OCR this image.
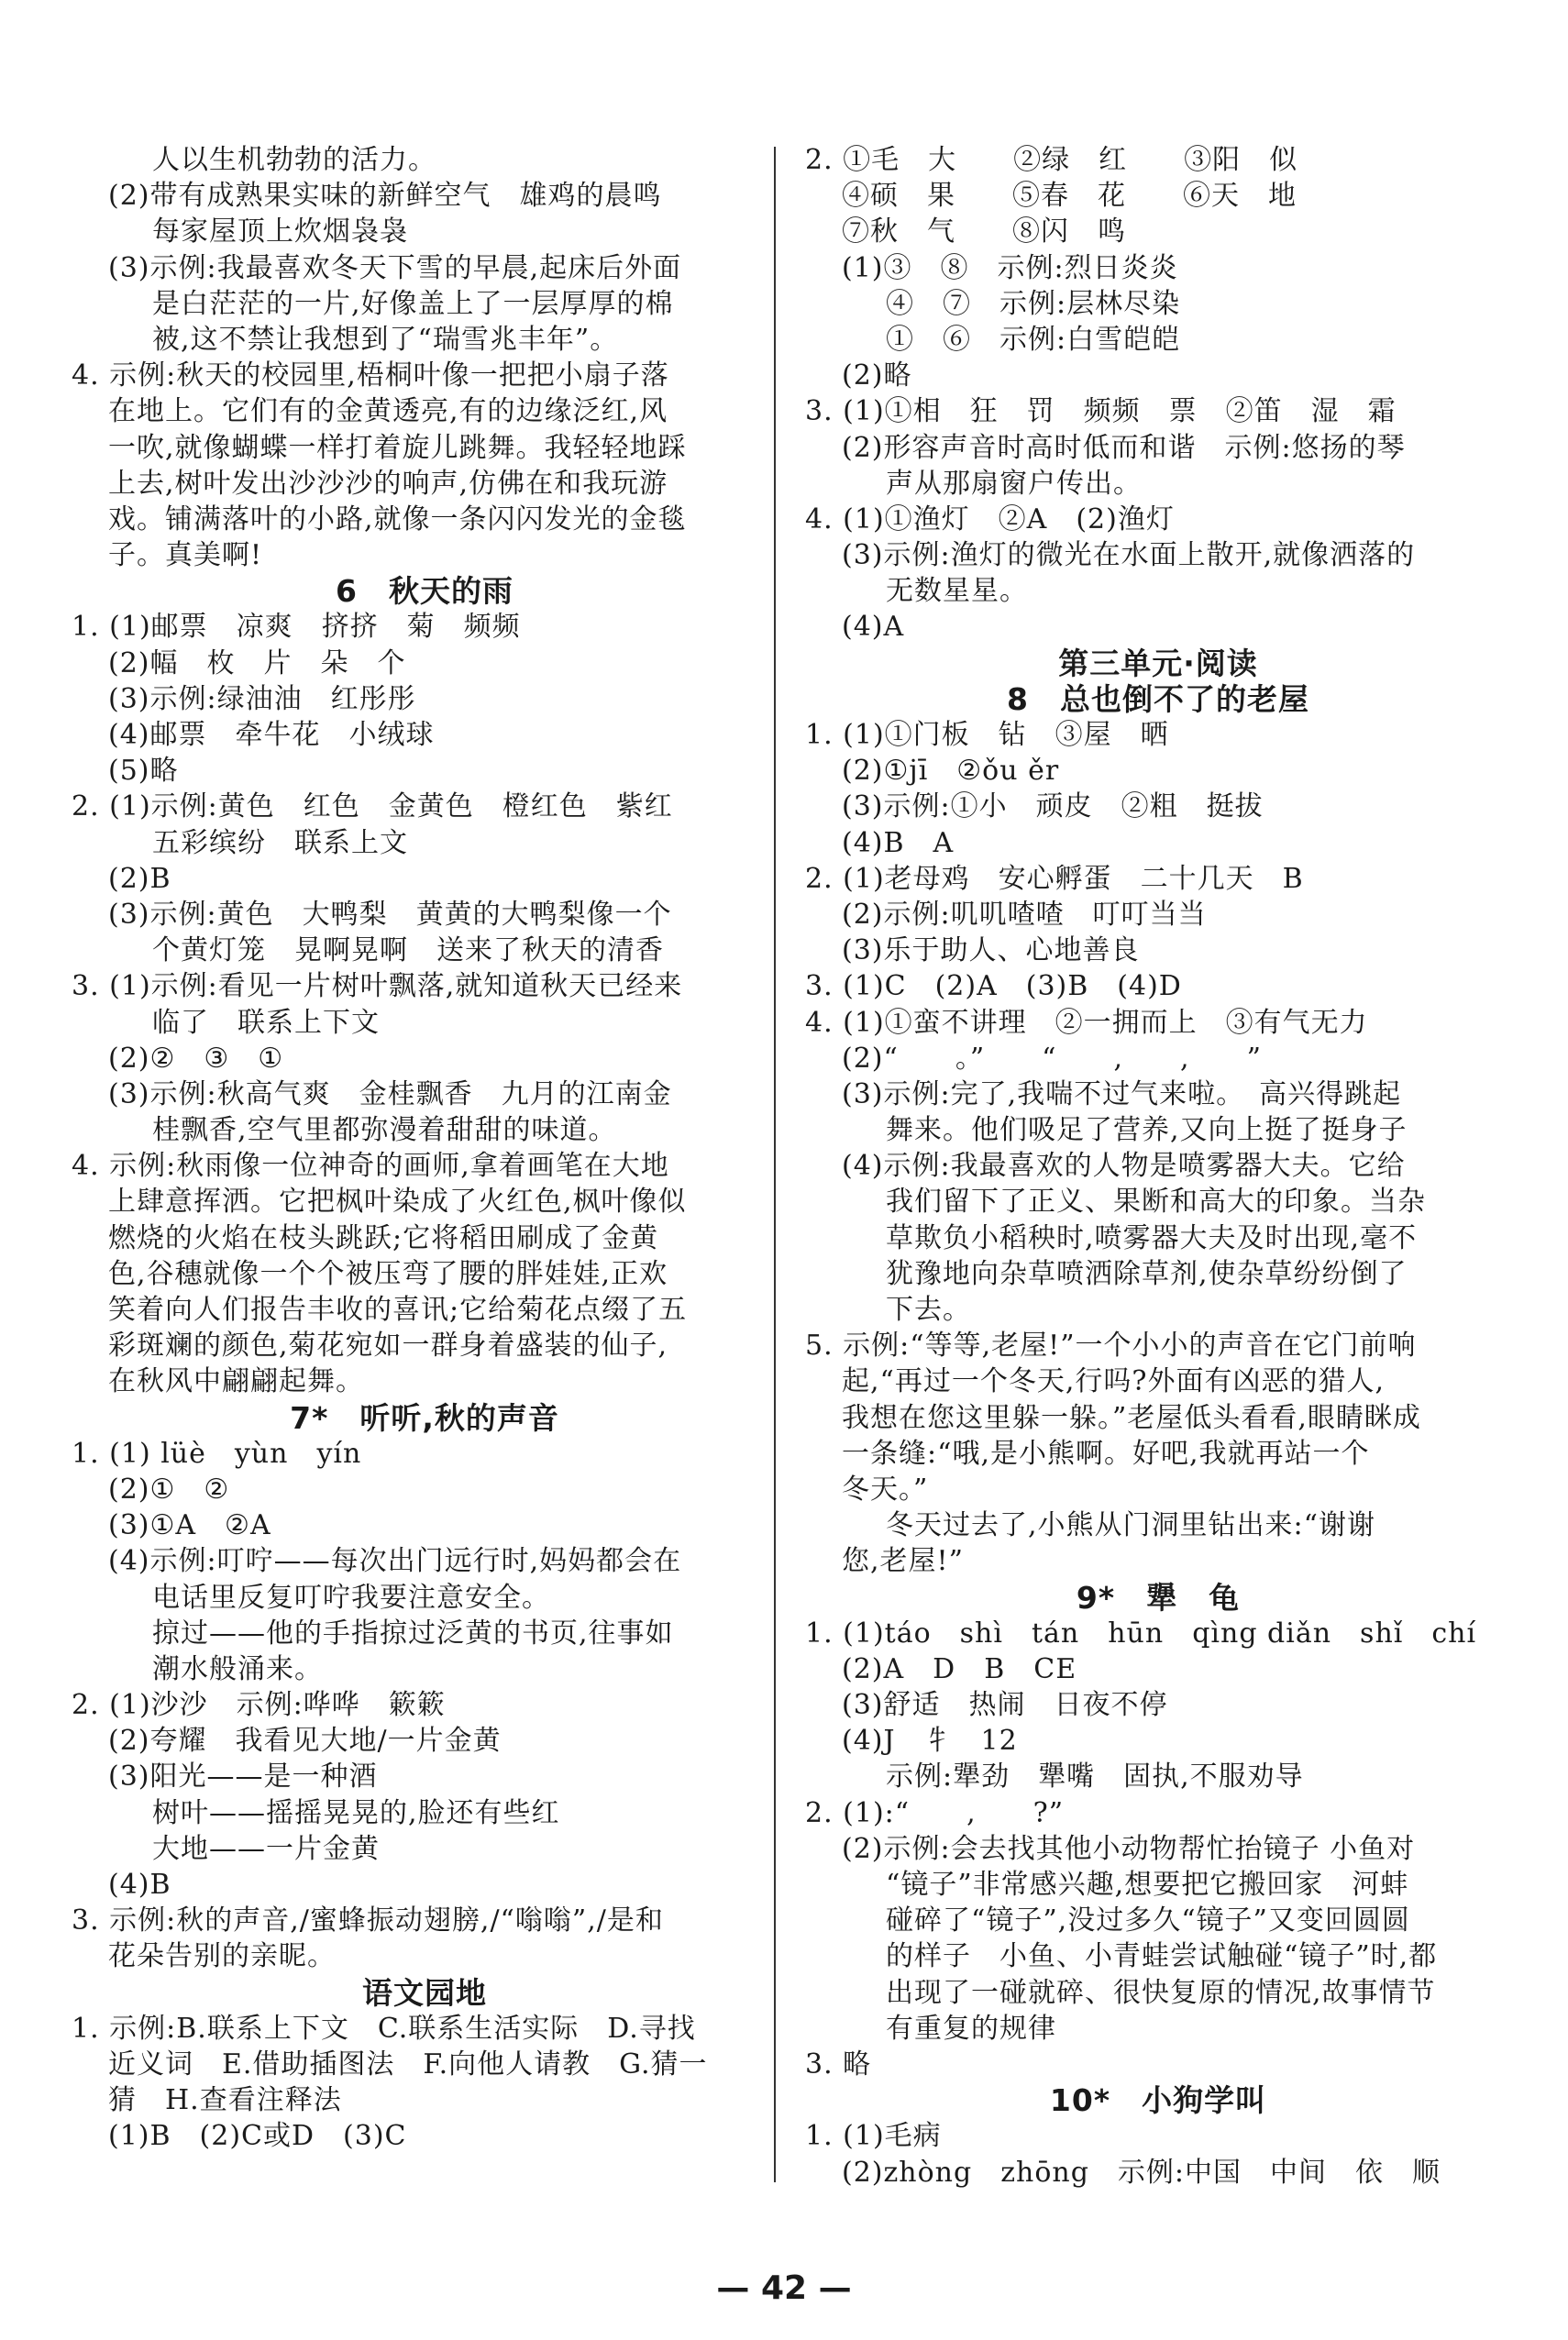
人以生机勃勃的活力。
(2)带有成熟果实味的新鲜空气　雄鸡的晨鸣
每家屋顶上炊烟袅袅
(3)示例:我最喜欢冬天下雪的早晨,起床后外面
是白茫茫的一片,好像盖上了一层厚厚的棉
被,这不禁让我想到了“瑞雪兆丰年”。
4. 示例:秋天的校园里,梧桐叶像一把把小扇子落
在地上。它们有的金黄透亮,有的边缘泛红,风
一吹,就像蝴蝶一样打着旋儿跳舞。我轻轻地踩
上去,树叶发出沙沙沙的响声,仿佛在和我玩游
戏。铺满落叶的小路,就像一条闪闪发光的金毯
子。真美啊!
6　秋天的雨
1. (1)邮票　凉爽　挤挤　菊　频频
(2)幅　枚　片　朵　个
(3)示例:绿油油　红彤彤
(4)邮票　牵牛花　小绒球
(5)略
2. (1)示例:黄色　红色　金黄色　橙红色　紫红
五彩缤纷　联系上文
(2)B
(3)示例:黄色　大鸭梨　黄黄的大鸭梨像一个
个黄灯笼　晃啊晃啊　送来了秋天的清香
3. (1)示例:看见一片树叶飘落,就知道秋天已经来
临了　联系上下文
(2)②　③　①
(3)示例:秋高气爽　金桂飘香　九月的江南金
桂飘香,空气里都弥漫着甜甜的味道。
4. 示例:秋雨像一位神奇的画师,拿着画笔在大地
上肆意挥洒。它把枫叶染成了火红色,枫叶像似
燃烧的火焰在枝头跳跃;它将稻田刷成了金黄
色,谷穗就像一个个被压弯了腰的胖娃娃,正欢
笑着向人们报告丰收的喜讯;它给菊花点缀了五
彩斑斓的颜色,菊花宛如一群身着盛装的仙子,
在秋风中翩翩起舞。
7*　听听,秋的声音
1. (1) lüè　yùn　yín
(2)①　②
(3)①A　②A
(4)示例:叮咛——每次出门远行时,妈妈都会在
电话里反复叮咛我要注意安全。
掠过——他的手指掠过泛黄的书页,往事如
潮水般涌来。
2. (1)沙沙　示例:哗哗　簌簌
(2)夸耀　我看见大地/一片金黄
(3)阳光——是一种酒
树叶——摇摇晃晃的,脸还有些红
大地——一片金黄
(4)B
3. 示例:秋的声音,/蜜蜂振动翅膀,/“嗡嗡”,/是和
花朵告别的亲昵。
语文园地
1. 示例:B.联系上下文　C.联系生活实际　D.寻找
近义词　E.借助插图法　F.向他人请教　G.猜一
猜　H.查看注释法
(1)B　(2)C或D　(3)C
2. ①毛　大　　②绿　红　　③阳　似
④硕　果　　⑤春　花　　⑥天　地
⑦秋　气　　⑧闪　鸣
(1)③　⑧　示例:烈日炎炎
④　⑦　示例:层林尽染
①　⑥　示例:白雪皑皑
(2)略
3. (1)①相　狂　罚　频频　票　②笛　湿　霜
(2)形容声音时高时低而和谐　示例:悠扬的琴
声从那扇窗户传出。
4. (1)①渔灯　②A　(2)渔灯
(3)示例:渔灯的微光在水面上散开,就像洒落的
无数星星。
(4)A
第三单元·阅读
8　总也倒不了的老屋
1. (1)①门板　钻　③屋　晒
(2)①jī　②ǒu ěr
(3)示例:①小　顽皮　②粗　挺拔
(4)B　A
2. (1)老母鸡　安心孵蛋　二十几天　B
(2)示例:叽叽喳喳　叮叮当当
(3)乐于助人、心地善良
3. (1)C　(2)A　(3)B　(4)D
4. (1)①蛮不讲理　②一拥而上　③有气无力
(2)“　　。”　　“　　,　　,　　”
(3)示例:完了,我喘不过气来啦。　高兴得跳起
舞来。他们吸足了营养,又向上挺了挺身子
(4)示例:我最喜欢的人物是喷雾器大夫。它给
我们留下了正义、果断和高大的印象。当杂
草欺负小稻秧时,喷雾器大夫及时出现,毫不
犹豫地向杂草喷洒除草剂,使杂草纷纷倒了
下去。
5. 示例:“等等,老屋!”一个小小的声音在它门前响
起,“再过一个冬天,行吗?外面有凶恶的猎人,
我想在您这里躲一躲。”老屋低头看看,眼睛眯成
一条缝:“哦,是小熊啊。好吧,我就再站一个
冬天。”
冬天过去了,小熊从门洞里钻出来:“谢谢
您,老屋!”
9*　犟　龟
1. (1)táo　shì　tán　hūn　qìng diǎn　shǐ　chí
(2)A　D　B　CE
(3)舒适　热闹　日夜不停
(4)J　牜　12
示例:犟劲　犟嘴　固执,不服劝导
2. (1):“　　,　　?”
(2)示例:会去找其他小动物帮忙抬镜子 小鱼对
“镜子”非常感兴趣,想要把它搬回家　河蚌
碰碎了“镜子”,没过多久“镜子”又变回圆圆
的样子　小鱼、小青蛙尝试触碰“镜子”时,都
出现了一碰就碎、很快复原的情况,故事情节
有重复的规律
3. 略
10*　小狗学叫
1. (1)毛病
(2)zhòng　zhōng　示例:中国　中间　依　顺
— 42 —
